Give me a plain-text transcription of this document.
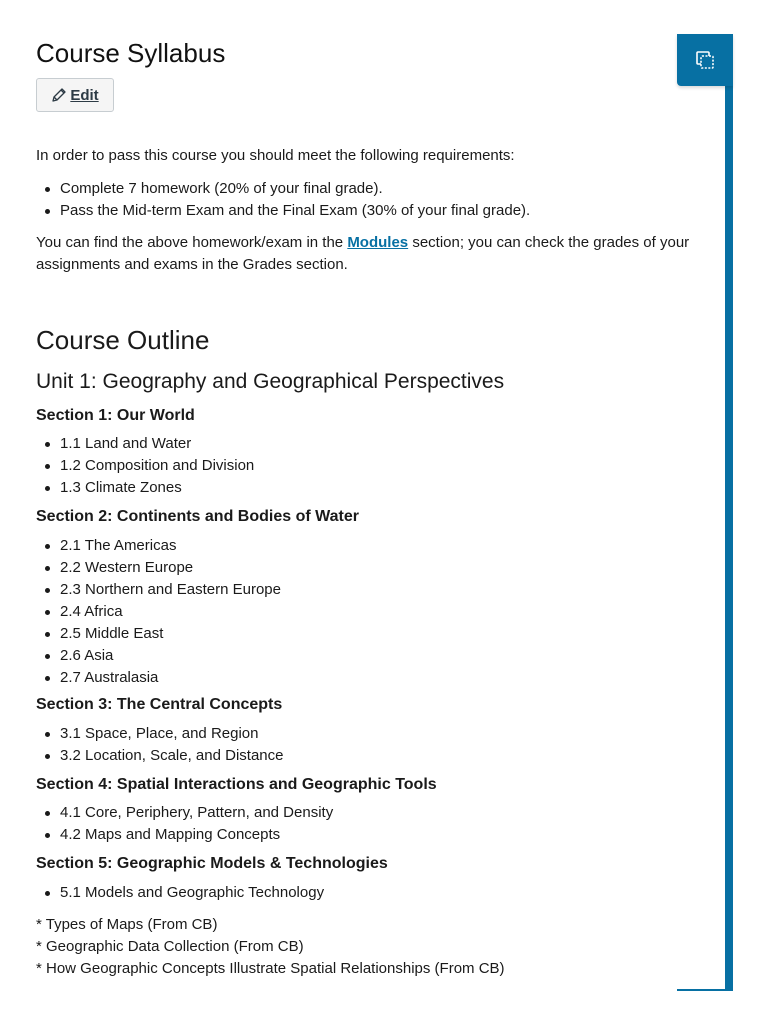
Course Syllabus
Edit

In order to pass this course you should meet the following requirements:

Complete 7 homework (20% of your final grade).
Pass the Mid-term Exam and the Final Exam (30% of your final grade).

You can find the above homework/exam in the Modules section; you can check the grades of your assignments and exams in the Grades section.

Course Outline
Unit 1: Geography and Geographical Perspectives
Section 1: Our World
1.1 Land and Water
1.2 Composition and Division
1.3 Climate Zones
Section 2: Continents and Bodies of Water
2.1 The Americas
2.2 Western Europe
2.3 Northern and Eastern Europe
2.4 Africa
2.5 Middle East
2.6 Asia
2.7 Australasia
Section 3: The Central Concepts
3.1 Space, Place, and Region
3.2 Location, Scale, and Distance
Section 4: Spatial Interactions and Geographic Tools
4.1 Core, Periphery, Pattern, and Density
4.2 Maps and Mapping Concepts
Section 5: Geographic Models & Technologies
5.1 Models and Geographic Technology
* Types of Maps (From CB)
* Geographic Data Collection (From CB)
* How Geographic Concepts Illustrate Spatial Relationships (From CB)
